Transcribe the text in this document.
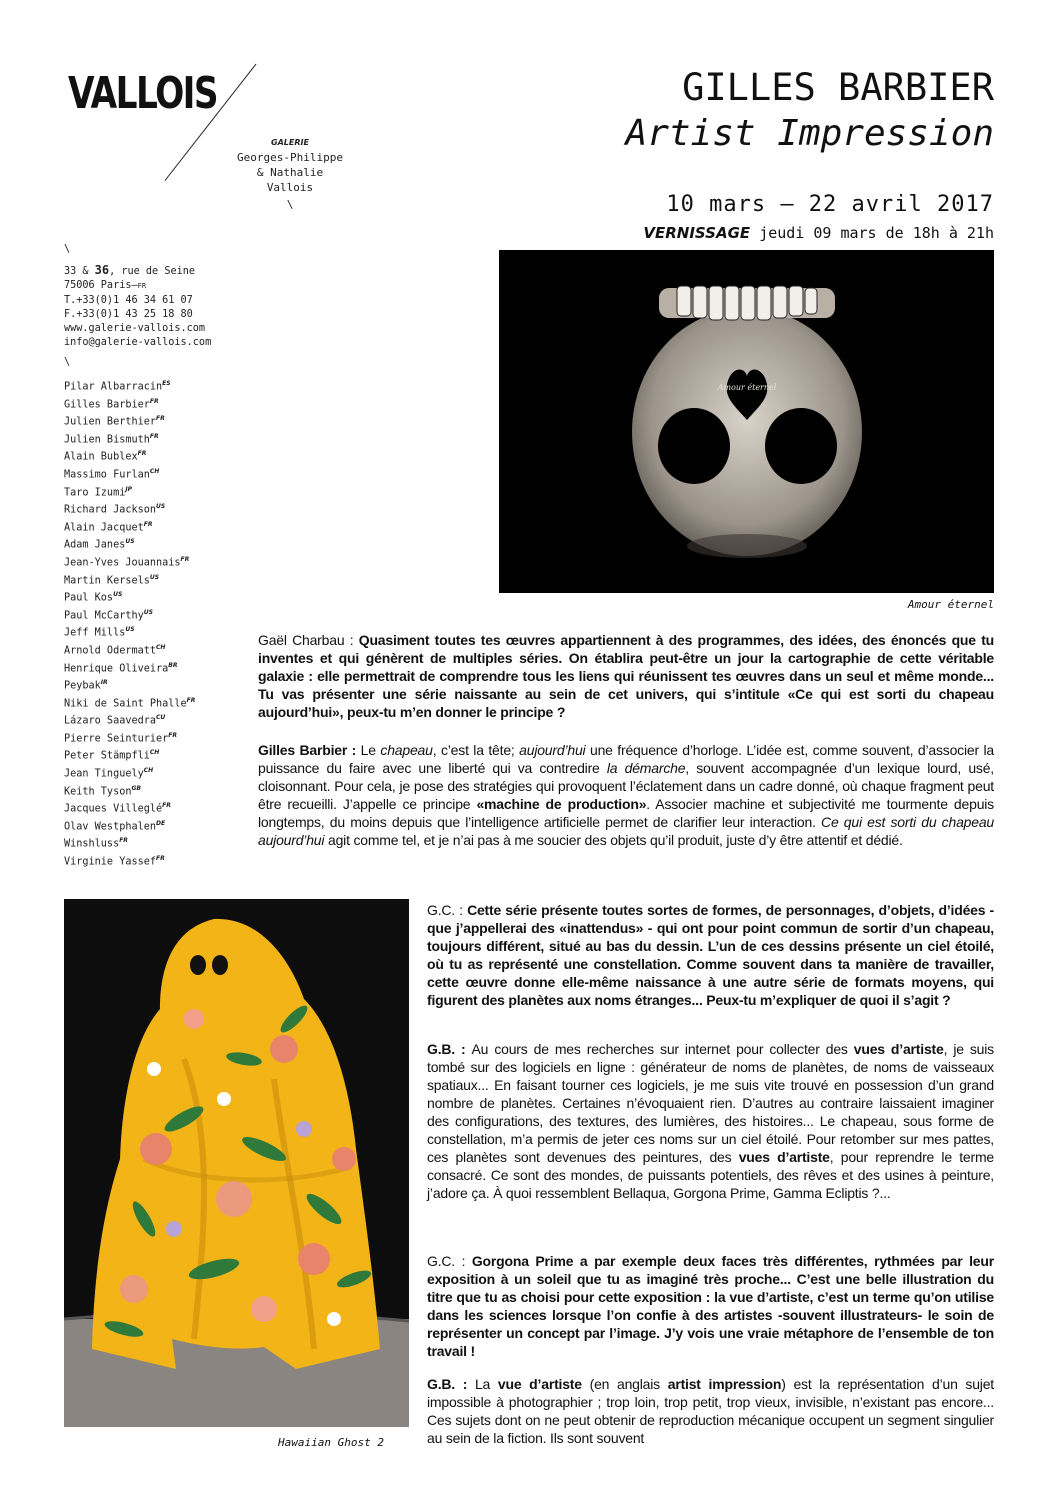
VALLOIS
GALERIE
Georges-Philippe
& Nathalie
Vallois
\
GILLES BARBIER
Artist Impression
10 mars – 22 avril 2017
VERNISSAGE jeudi 09 mars de 18h à 21h
\
33 & 36, rue de Seine
75006 Paris—FR
T.+33(0)1 46 34 61 07
F.+33(0)1 43 25 18 80
www.galerie-vallois.com
info@galerie-vallois.com
\
Pilar Albarracin$^{ES}$
Gilles Barbier$^{FR}$
Julien Berthier$^{FR}$
Julien Bismuth$^{FR}$
Alain Bublex$^{FR}$
Massimo Furlan$^{CH}$
Taro Izumi$^{JP}$
Richard Jackson$^{US}$
Alain Jacquet$^{FR}$
Adam Janes$^{US}$
Jean-Yves Jouannais$^{FR}$
Martin Kersels$^{US}$
Paul Kos$^{US}$
Paul McCarthy$^{US}$
Jeff Mills$^{US}$
Arnold Odermatt$^{CH}$
Henrique Oliveira$^{BR}$
Peybak$^{IR}$
Niki de Saint Phalle$^{FR}$
Lázaro Saavedra$^{CU}$
Pierre Seinturier$^{FR}$
Peter Stämpfli$^{CH}$
Jean Tinguely$^{CH}$
Keith Tyson$^{GB}$
Jacques Villeglé$^{FR}$
Olav Westphalen$^{DE}$
Winshluss$^{FR}$
Virginie Yassef$^{FR}$
Amour éternel
Amour éternel
Hawaiian Ghost 2
Gaël Charbau : Quasiment toutes tes œuvres appartiennent à des programmes, des idées, des énoncés que tu inventes et qui génèrent de multiples séries. On établira peut-être un jour la cartographie de cette véritable galaxie : elle permettrait de comprendre tous les liens qui réunissent tes œuvres dans un seul et même monde... Tu vas présenter une série naissante au sein de cet univers, qui s’intitule «Ce qui est sorti du chapeau aujourd’hui», peux-tu m’en donner le principe ?
Gilles Barbier : Le chapeau, c’est la tête; aujourd’hui une fréquence d’horloge. L’idée est, comme souvent, d’associer la puissance du faire avec une liberté qui va contredire la démarche, souvent accompagnée d’un lexique lourd, usé, cloisonnant. Pour cela, je pose des stratégies qui provoquent l’éclatement dans un cadre donné, où chaque fragment peut être recueilli. J’appelle ce principe «machine de production». Associer machine et subjectivité me tourmente depuis longtemps, du moins depuis que l’intelligence artificielle permet de clarifier leur interaction. Ce qui est sorti du chapeau aujourd’hui agit comme tel, et je n’ai pas à me soucier des objets qu’il produit, juste d’y être attentif et dédié.
G.C. : Cette série présente toutes sortes de formes, de personnages, d’objets, d’idées - que j’appellerai des «inattendus» - qui ont pour point commun de sortir d’un chapeau, toujours différent, situé au bas du dessin. L’un de ces dessins présente un ciel étoilé, où tu as représenté une constellation. Comme souvent dans ta manière de travailler, cette œuvre donne elle-même naissance à une autre série de formats moyens, qui figurent des planètes aux noms étranges... Peux-tu m’expliquer de quoi il s’agit ?
G.B. : Au cours de mes recherches sur internet pour collecter des vues d’artiste, je suis tombé sur des logiciels en ligne : générateur de noms de planètes, de noms de vaisseaux spatiaux... En faisant tourner ces logiciels, je me suis vite trouvé en possession d’un grand nombre de planètes. Certaines n’évoquaient rien. D’autres au contraire laissaient imaginer des configurations, des textures, des lumières, des histoires... Le chapeau, sous forme de constellation, m’a permis de jeter ces noms sur un ciel étoilé. Pour retomber sur mes pattes, ces planètes sont devenues des peintures, des vues d’artiste, pour reprendre le terme consacré. Ce sont des mondes, de puissants potentiels, des rêves et des usines à peinture, j’adore ça. À quoi ressemblent Bellaqua, Gorgona Prime, Gamma Ecliptis ?...
G.C. : Gorgona Prime a par exemple deux faces très différentes, rythmées par leur exposition à un soleil que tu as imaginé très proche... C’est une belle illustration du titre que tu as choisi pour cette exposition : la vue d’artiste, c’est un terme qu’on utilise dans les sciences lorsque l’on confie à des artistes -souvent illustrateurs- le soin de représenter un concept par l’image. J’y vois une vraie métaphore de l’ensemble de ton travail !
G.B. : La vue d’artiste (en anglais artist impression) est la représentation d’un sujet impossible à photographier ; trop loin, trop petit, trop vieux, invisible, n’existant pas encore... Ces sujets dont on ne peut obtenir de reproduction mécanique occupent un segment singulier au sein de la fiction. Ils sont souvent
